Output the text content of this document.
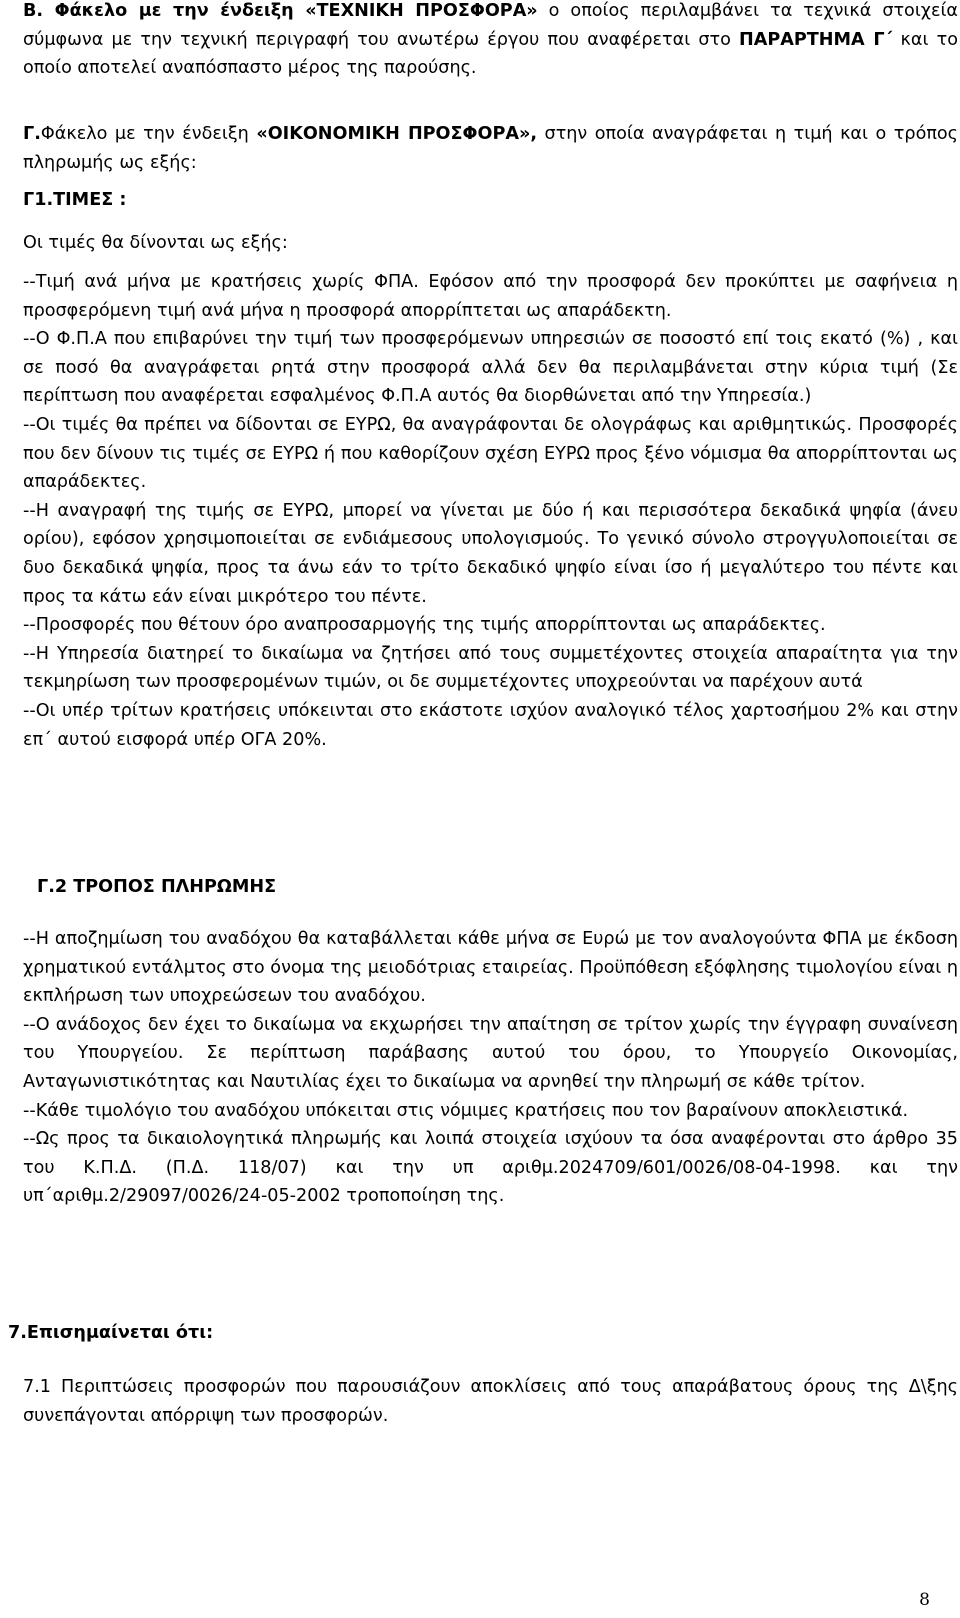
Β. Φάκελο με την ένδειξη «ΤΕΧΝΙΚΗ ΠΡΟΣΦΟΡΑ» ο οποίος περιλαμβάνει τα τεχνικά στοιχεία σύμφωνα με την τεχνική περιγραφή του ανωτέρω έργου που αναφέρεται στο ΠΑΡΑΡΤΗΜΑ Γ΄ και το οποίο αποτελεί αναπόσπαστο μέρος της παρούσης.

Γ.Φάκελο με την ένδειξη «ΟΙΚΟΝΟΜΙΚΗ ΠΡΟΣΦΟΡΑ», στην οποία αναγράφεται η τιμή και ο τρόπος πληρωμής ως εξής:

Γ1.ΤΙΜΕΣ :

Οι τιμές θα δίνονται ως εξής:

--Τιμή ανά μήνα με κρατήσεις χωρίς ΦΠΑ. Εφόσον από την προσφορά δεν προκύπτει με σαφήνεια η προσφερόμενη τιμή ανά μήνα η προσφορά απορρίπτεται ως απαράδεκτη.

--Ο Φ.Π.Α που επιβαρύνει την τιμή των προσφερόμενων υπηρεσιών σε ποσοστό επί τοις εκατό (%) , και σε ποσό θα αναγράφεται ρητά στην προσφορά αλλά δεν θα περιλαμβάνεται στην κύρια τιμή (Σε περίπτωση που αναφέρεται εσφαλμένος Φ.Π.Α αυτός θα διορθώνεται από την Υπηρεσία.)

--Οι τιμές θα πρέπει να δίδονται σε ΕΥΡΩ, θα αναγράφονται δε ολογράφως και αριθμητικώς. Προσφορές που δεν δίνουν τις τιμές σε ΕΥΡΩ ή που καθορίζουν σχέση ΕΥΡΩ προς ξένο νόμισμα θα απορρίπτονται ως απαράδεκτες.

--Η αναγραφή της τιμής σε ΕΥΡΩ, μπορεί να γίνεται με δύο ή και περισσότερα δεκαδικά ψηφία (άνευ ορίου), εφόσον χρησιμοποιείται σε ενδιάμεσους υπολογισμούς. Το γενικό σύνολο στρογγυλοποιείται σε δυο δεκαδικά ψηφία, προς τα άνω εάν το τρίτο δεκαδικό ψηφίο είναι ίσο ή μεγαλύτερο του πέντε και προς τα κάτω εάν είναι μικρότερο του πέντε.

--Προσφορές που θέτουν όρο αναπροσαρμογής της τιμής απορρίπτονται ως απαράδεκτες.

--Η Υπηρεσία διατηρεί το δικαίωμα να ζητήσει από τους συμμετέχοντες στοιχεία απαραίτητα για την τεκμηρίωση των προσφερομένων τιμών, οι δε συμμετέχοντες υποχρεούνται να παρέχουν αυτά

--Οι υπέρ τρίτων κρατήσεις υπόκεινται στο εκάστοτε ισχύον αναλογικό τέλος χαρτοσήμου 2% και στην επ΄ αυτού εισφορά υπέρ ΟΓΑ 20%.

Γ.2 ΤΡΟΠΟΣ ΠΛΗΡΩΜΗΣ

--Η αποζημίωση του αναδόχου θα καταβάλλεται κάθε μήνα σε Ευρώ με τον αναλογούντα ΦΠΑ με έκδοση χρηματικού εντάλμτος στο όνομα της μειοδότριας εταιρείας. Προϋπόθεση εξόφλησης τιμολογίου είναι η εκπλήρωση των υποχρεώσεων του αναδόχου.

--Ο ανάδοχος δεν έχει το δικαίωμα να εκχωρήσει την απαίτηση σε τρίτον χωρίς την έγγραφη συναίνεση του Υπουργείου. Σε περίπτωση παράβασης αυτού του όρου, το Υπουργείο Οικονομίας, Ανταγωνιστικότητας και Ναυτιλίας έχει το δικαίωμα να αρνηθεί την πληρωμή σε κάθε τρίτον.

--Κάθε τιμολόγιο του αναδόχου υπόκειται στις νόμιμες κρατήσεις που τον βαραίνουν αποκλειστικά.

--Ως προς τα δικαιολογητικά πληρωμής και λοιπά στοιχεία ισχύουν τα όσα αναφέρονται στο άρθρο 35 του Κ.Π.Δ. (Π.Δ. 118/07) και την υπ αριθμ.2024709/601/0026/08-04-1998. και την υπ΄αριθμ.2/29097/0026/24-05-2002 τροποποίηση της.

7.Επισημαίνεται ότι:

7.1 Περιπτώσεις προσφορών που παρουσιάζουν αποκλίσεις από τους απαράβατους όρους της Δ\ξης συνεπάγονται απόρριψη των προσφορών.

8
